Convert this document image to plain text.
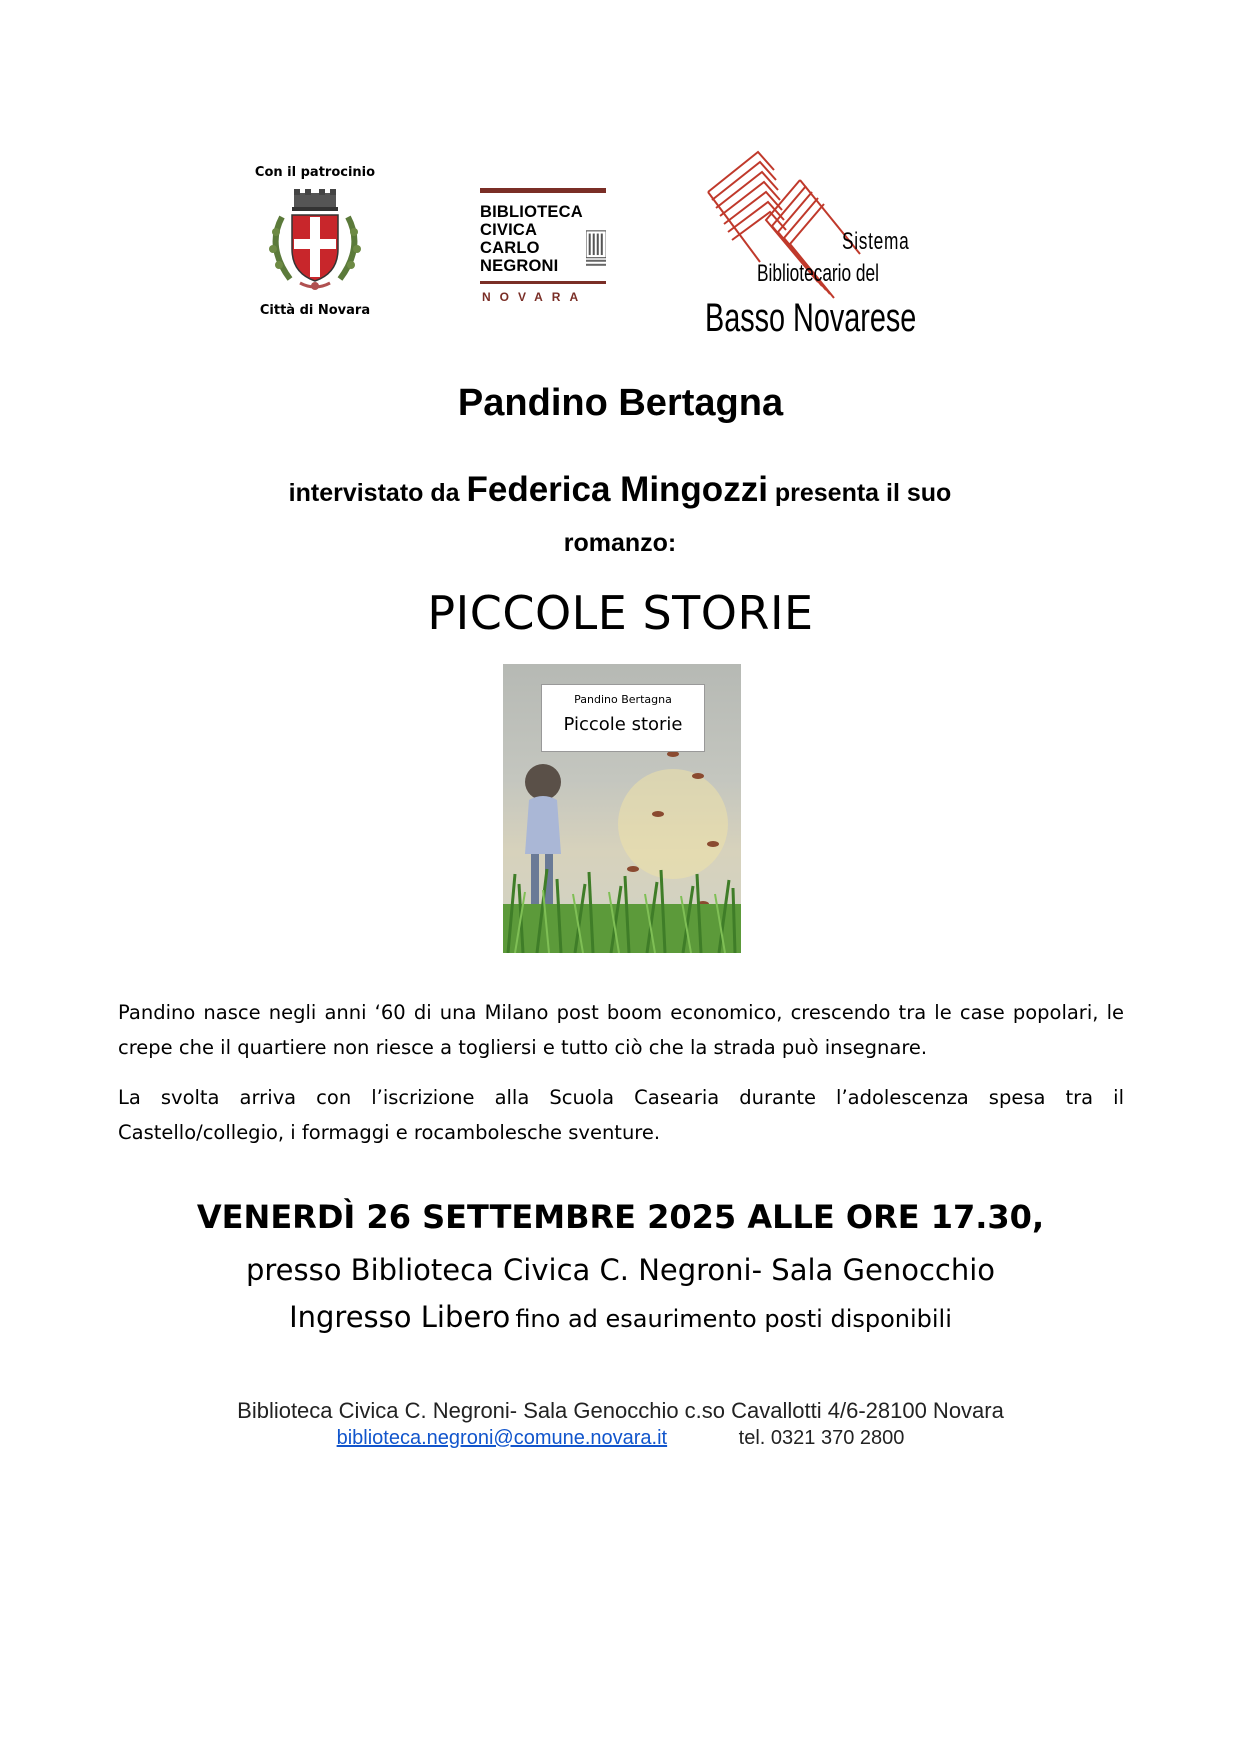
Con il patrocinio
Città di Novara
BIBLIOTECA
CIVICA
CARLO
NEGRONI
NOVARA
Sistema
Bibliotecario del
Basso Novarese
Pandino Bertagna
intervistato da Federica Mingozzi presenta il suo
romanzo:
PICCOLE STORIE
Pandino Bertagna
Piccole storie
Pandino nasce negli anni ‘60 di una Milano post boom economico, crescendo tra le case popolari, le crepe che il quartiere non riesce a togliersi e tutto ciò che la strada può insegnare.
La svolta arriva con l’iscrizione alla Scuola Casearia durante l’adolescenza spesa tra il Castello/collegio, i formaggi e rocambolesche sventure.
VENERDÌ 26 SETTEMBRE 2025 ALLE ORE 17.30,
presso Biblioteca Civica C. Negroni- Sala Genocchio
Ingresso Libero fino ad esaurimento posti disponibili
Biblioteca Civica C. Negroni- Sala Genocchio c.so Cavallotti 4/6-28100 Novara
biblioteca.negroni@comune.novara.it	tel. 0321 370 2800
